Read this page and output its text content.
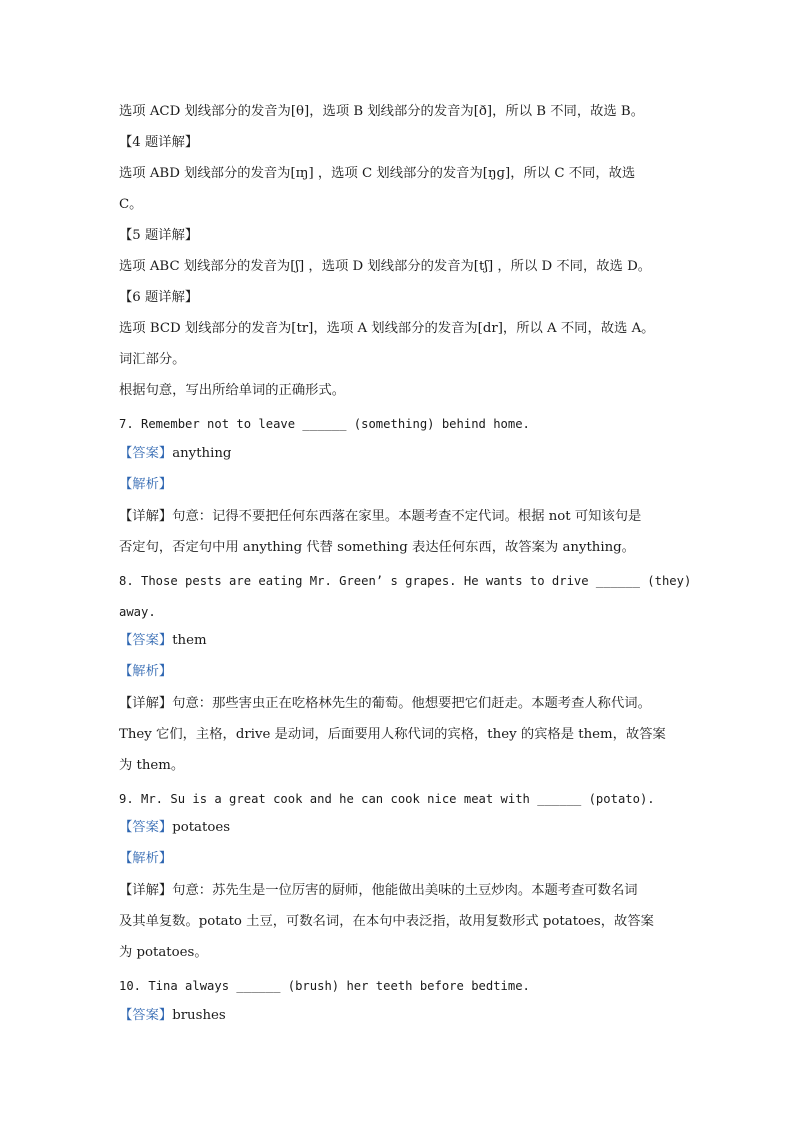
选项 ACD 划线部分的发音为[θ]，选项 B 划线部分的发音为[ð]，所以 B 不同，故选 B。
【4 题详解】
选项 ABD 划线部分的发音为[ɪŋ] ，选项 C 划线部分的发音为[ŋɡ]，所以 C 不同，故选
C。
【5 题详解】
选项 ABC 划线部分的发音为[ʃ] ，选项 D 划线部分的发音为[tʃ] ，所以 D 不同，故选 D。
【6 题详解】
选项 BCD 划线部分的发音为[tr]，选项 A 划线部分的发音为[dr]，所以 A 不同，故选 A。
词汇部分。
根据句意，写出所给单词的正确形式。
7. Remember not to leave ______ (something) behind home.
【答案】anything
【解析】
【详解】句意：记得不要把任何东西落在家里。本题考查不定代词。根据 not 可知该句是
否定句，否定句中用 anything 代替 something 表达任何东西，故答案为 anything。
8. Those pests are eating Mr. Green’ s grapes. He wants to drive ______ (they)
away.
【答案】them
【解析】
【详解】句意：那些害虫正在吃格林先生的葡萄。他想要把它们赶走。本题考查人称代词。
They 它们，主格，drive 是动词，后面要用人称代词的宾格，they 的宾格是 them，故答案
为 them。
9. Mr. Su is a great cook and he can cook nice meat with ______ (potato).
【答案】potatoes
【解析】
【详解】句意：苏先生是一位厉害的厨师，他能做出美味的土豆炒肉。本题考查可数名词
及其单复数。potato 土豆，可数名词，在本句中表泛指，故用复数形式 potatoes，故答案
为 potatoes。
10. Tina always ______ (brush) her teeth before bedtime.
【答案】brushes
